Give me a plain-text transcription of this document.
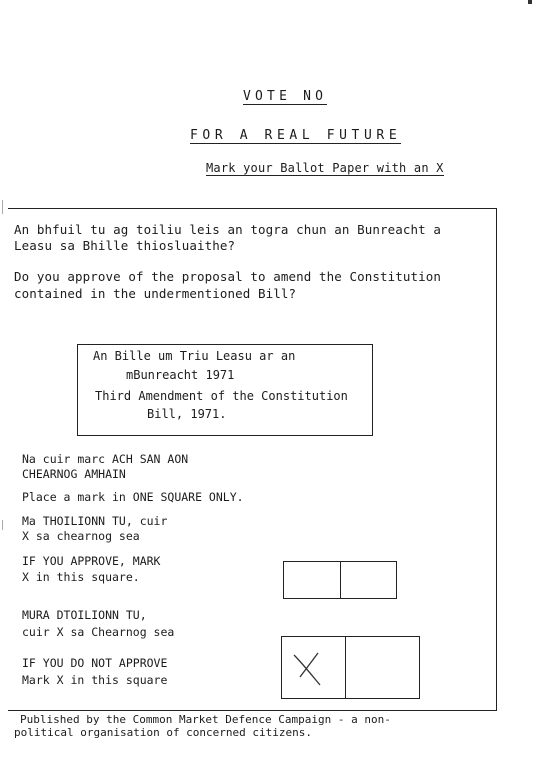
VOTE NO
FOR A REAL FUTURE
Mark your Ballot Paper with an X
An bhfuil tu ag toiliu leis an togra chun an Bunreacht a
Leasu sa Bhille thiosluaithe?
Do you approve of the proposal to amend the Constitution
contained in the undermentioned Bill?
An Bille um Triu Leasu ar an
mBunreacht 1971
Third Amendment of the Constitution
Bill, 1971.
Na cuir marc ACH SAN AON
CHEARNOG AMHAIN
Place a mark in ONE SQUARE ONLY.
Ma THOILIONN TU, cuir
X sa chearnog sea
IF YOU APPROVE, MARK
X in this square.
MURA DTOILIONN TU,
cuir X sa Chearnog sea
IF YOU DO NOT APPROVE
Mark X in this square
Published by the Common Market Defence Campaign - a non-
political organisation of concerned citizens.
